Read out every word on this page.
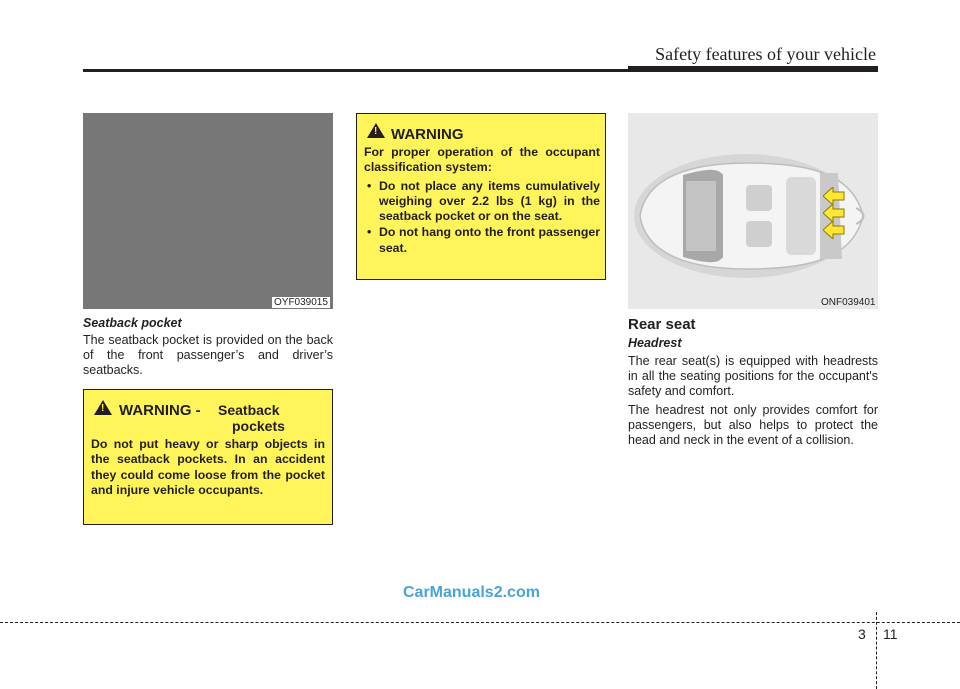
Safety features of your vehicle
OYF039015
Seatback pocket
The seatback pocket is provided on the back of the front passenger’s and driver’s seatbacks.
! WARNING - Seatback
pockets
Do not put heavy or sharp objects in the seatback pockets. In an accident they could come loose from the pocket and injure vehicle occupants.
! WARNING
For proper operation of the occupant classification system:
• Do not place any items cumulatively weighing over 2.2 lbs (1 kg) in the seatback pocket or on the seat.
• Do not hang onto the front passenger seat.
ONF039401
Rear seat
Headrest
The rear seat(s) is equipped with headrests in all the seating positions for the occupant's safety and comfort.
The headrest not only provides comfort for passengers, but also helps to protect the head and neck in the event of a collision.
CarManuals2.com
3 11
